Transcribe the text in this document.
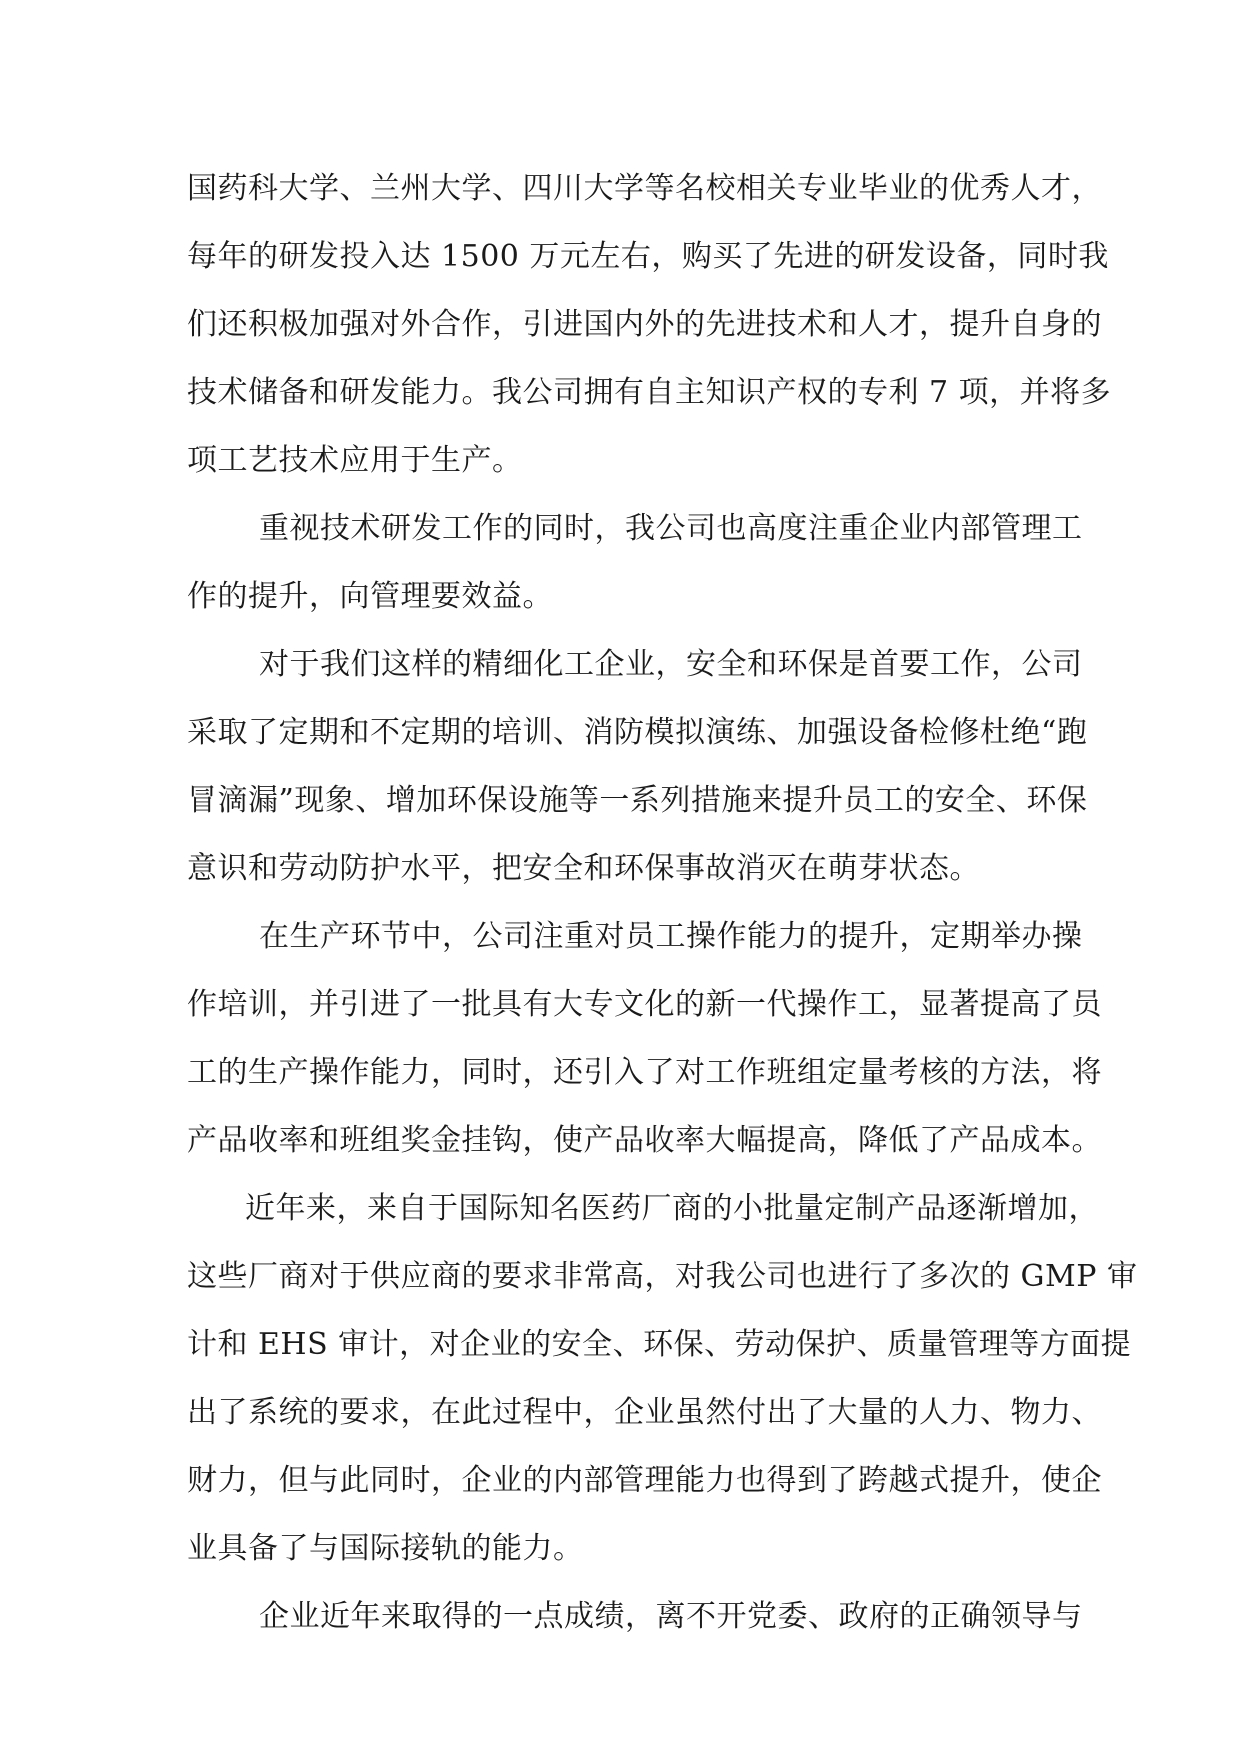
国药科大学、兰州大学、四川大学等名校相关专业毕业的优秀人才，
每年的研发投入达 1500 万元左右，购买了先进的研发设备，同时我
们还积极加强对外合作，引进国内外的先进技术和人才，提升自身的
技术储备和研发能力。我公司拥有自主知识产权的专利 7 项，并将多
项工艺技术应用于生产。
重视技术研发工作的同时，我公司也高度注重企业内部管理工
作的提升，向管理要效益。
对于我们这样的精细化工企业，安全和环保是首要工作，公司
采取了定期和不定期的培训、消防模拟演练、加强设备检修杜绝“跑
冒滴漏”现象、增加环保设施等一系列措施来提升员工的安全、环保
意识和劳动防护水平，把安全和环保事故消灭在萌芽状态。
在生产环节中，公司注重对员工操作能力的提升，定期举办操
作培训，并引进了一批具有大专文化的新一代操作工，显著提高了员
工的生产操作能力，同时，还引入了对工作班组定量考核的方法，将
产品收率和班组奖金挂钩，使产品收率大幅提高，降低了产品成本。
近年来，来自于国际知名医药厂商的小批量定制产品逐渐增加，
这些厂商对于供应商的要求非常高，对我公司也进行了多次的 GMP 审
计和 EHS 审计，对企业的安全、环保、劳动保护、质量管理等方面提
出了系统的要求，在此过程中，企业虽然付出了大量的人力、物力、
财力，但与此同时，企业的内部管理能力也得到了跨越式提升，使企
业具备了与国际接轨的能力。
企业近年来取得的一点成绩，离不开党委、政府的正确领导与
